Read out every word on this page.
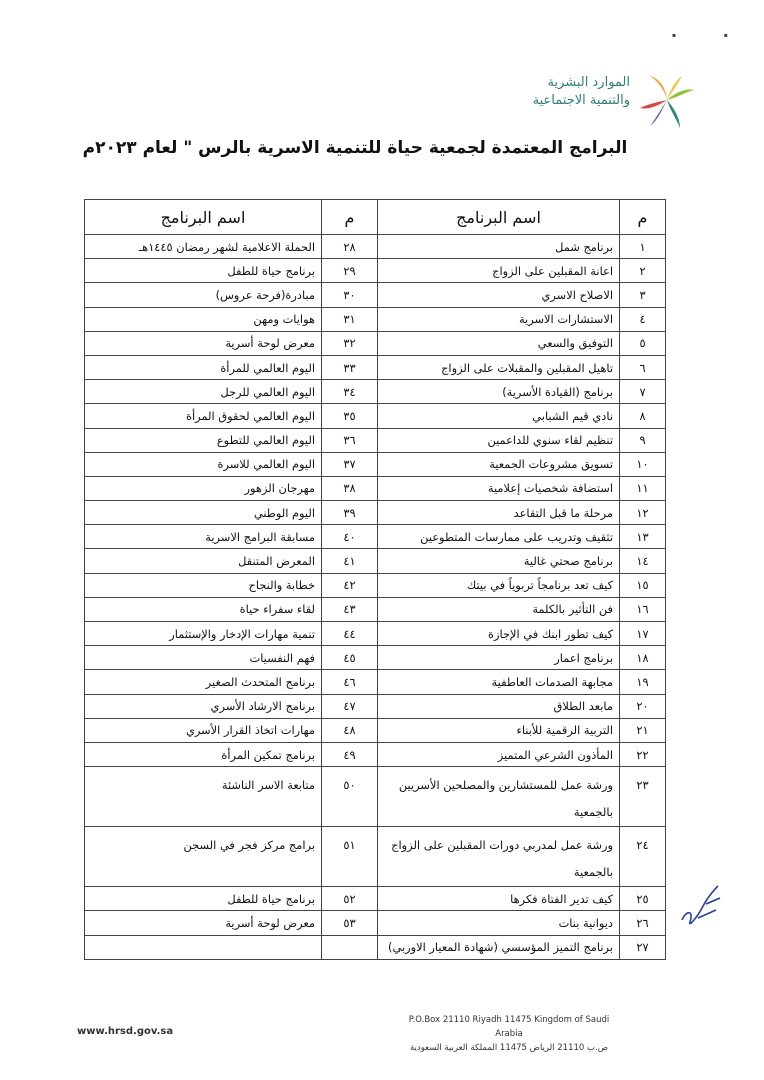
▪                         ▪
الموارد البشرية
والتنمية الاجتماعية
البرامج المعتمدة لجمعية حياة للتنمية الاسرية بالرس " لعام ٢٠٢٣م
م	اسم البرنامج	م	اسم البرنامج
١	برنامج شمل	٢٨	الحملة الاعلامية لشهر رمضان ١٤٤٥هـ
٢	اعانة المقبلين على الزواج	٢٩	برنامج حياة للطفل
٣	الاصلاح الاسري	٣٠	مبادرة(فرحة عروس)
٤	الاستشارات الاسرية	٣١	هوايات ومهن
٥	التوفيق والسعي	٣٢	معرض لوحة أسرية
٦	تاهيل المقبلين والمقبلات على الزواج	٣٣	اليوم العالمي للمرأة
٧	برنامج (القيادة الأسرية)	٣٤	اليوم العالمي للرجل
٨	نادي قيم الشبابي	٣٥	اليوم العالمي لحقوق المرأة
٩	تنظيم لقاء سنوي للداعمين	٣٦	اليوم العالمي للتطوع
١٠	تسويق مشروعات الجمعية	٣٧	اليوم العالمي للاسرة
١١	استضافة شخصيات إعلامية	٣٨	مهرجان الزهور
١٢	مرحلة ما قبل التقاعد	٣٩	اليوم الوطني
١٣	تثقيف وتدريب على ممارسات المتطوعين	٤٠	مسابقة البرامج الاسرية
١٤	برنامج صحتي غالية	٤١	المعرض المتنقل
١٥	كيف تعد برنامجاً تربوياً في بيتك	٤٢	خطابة والنجاح
١٦	فن التأثير بالكلمة	٤٣	لقاء سفراء حياة
١٧	كيف تطور ابنك في الإجازة	٤٤	تنمية مهارات الإدخار والإستثمار
١٨	برنامج اعمار	٤٥	فهم النفسيات
١٩	مجابهة الصدمات العاطفية	٤٦	برنامج المتحدث الصغير
٢٠	مابعد الطلاق	٤٧	برنامج الارشاد الأسري
٢١	التربية الرقمية للأبناء	٤٨	مهارات اتخاذ القرار الأسري
٢٢	المأذون الشرعي المتميز	٤٩	برنامج تمكين المرأة
٢٣	ورشة عمل للمستشارين والمصلحين الأسريين بالجمعية	٥٠	متابعة الاسر الناشئة
٢٤	ورشة عمل لمدربي دورات المقبلين على الزواج بالجمعية	٥١	برامج مركز فجر في السجن
٢٥	كيف تدير الفتاة فكرها	٥٢	برنامج حياة للطفل
٢٦	ديوانية بنات	٥٣	معرض لوحة أسرية
٢٧	برنامج التميز المؤسسي (شهادة المعيار الاوربي)		
www.hrsd.gov.sa
P.O.Box 21110 Riyadh 11475 Kingdom of Saudi Arabia
ص.ب 21110 الرياض 11475 المملكة العربية السعودية
